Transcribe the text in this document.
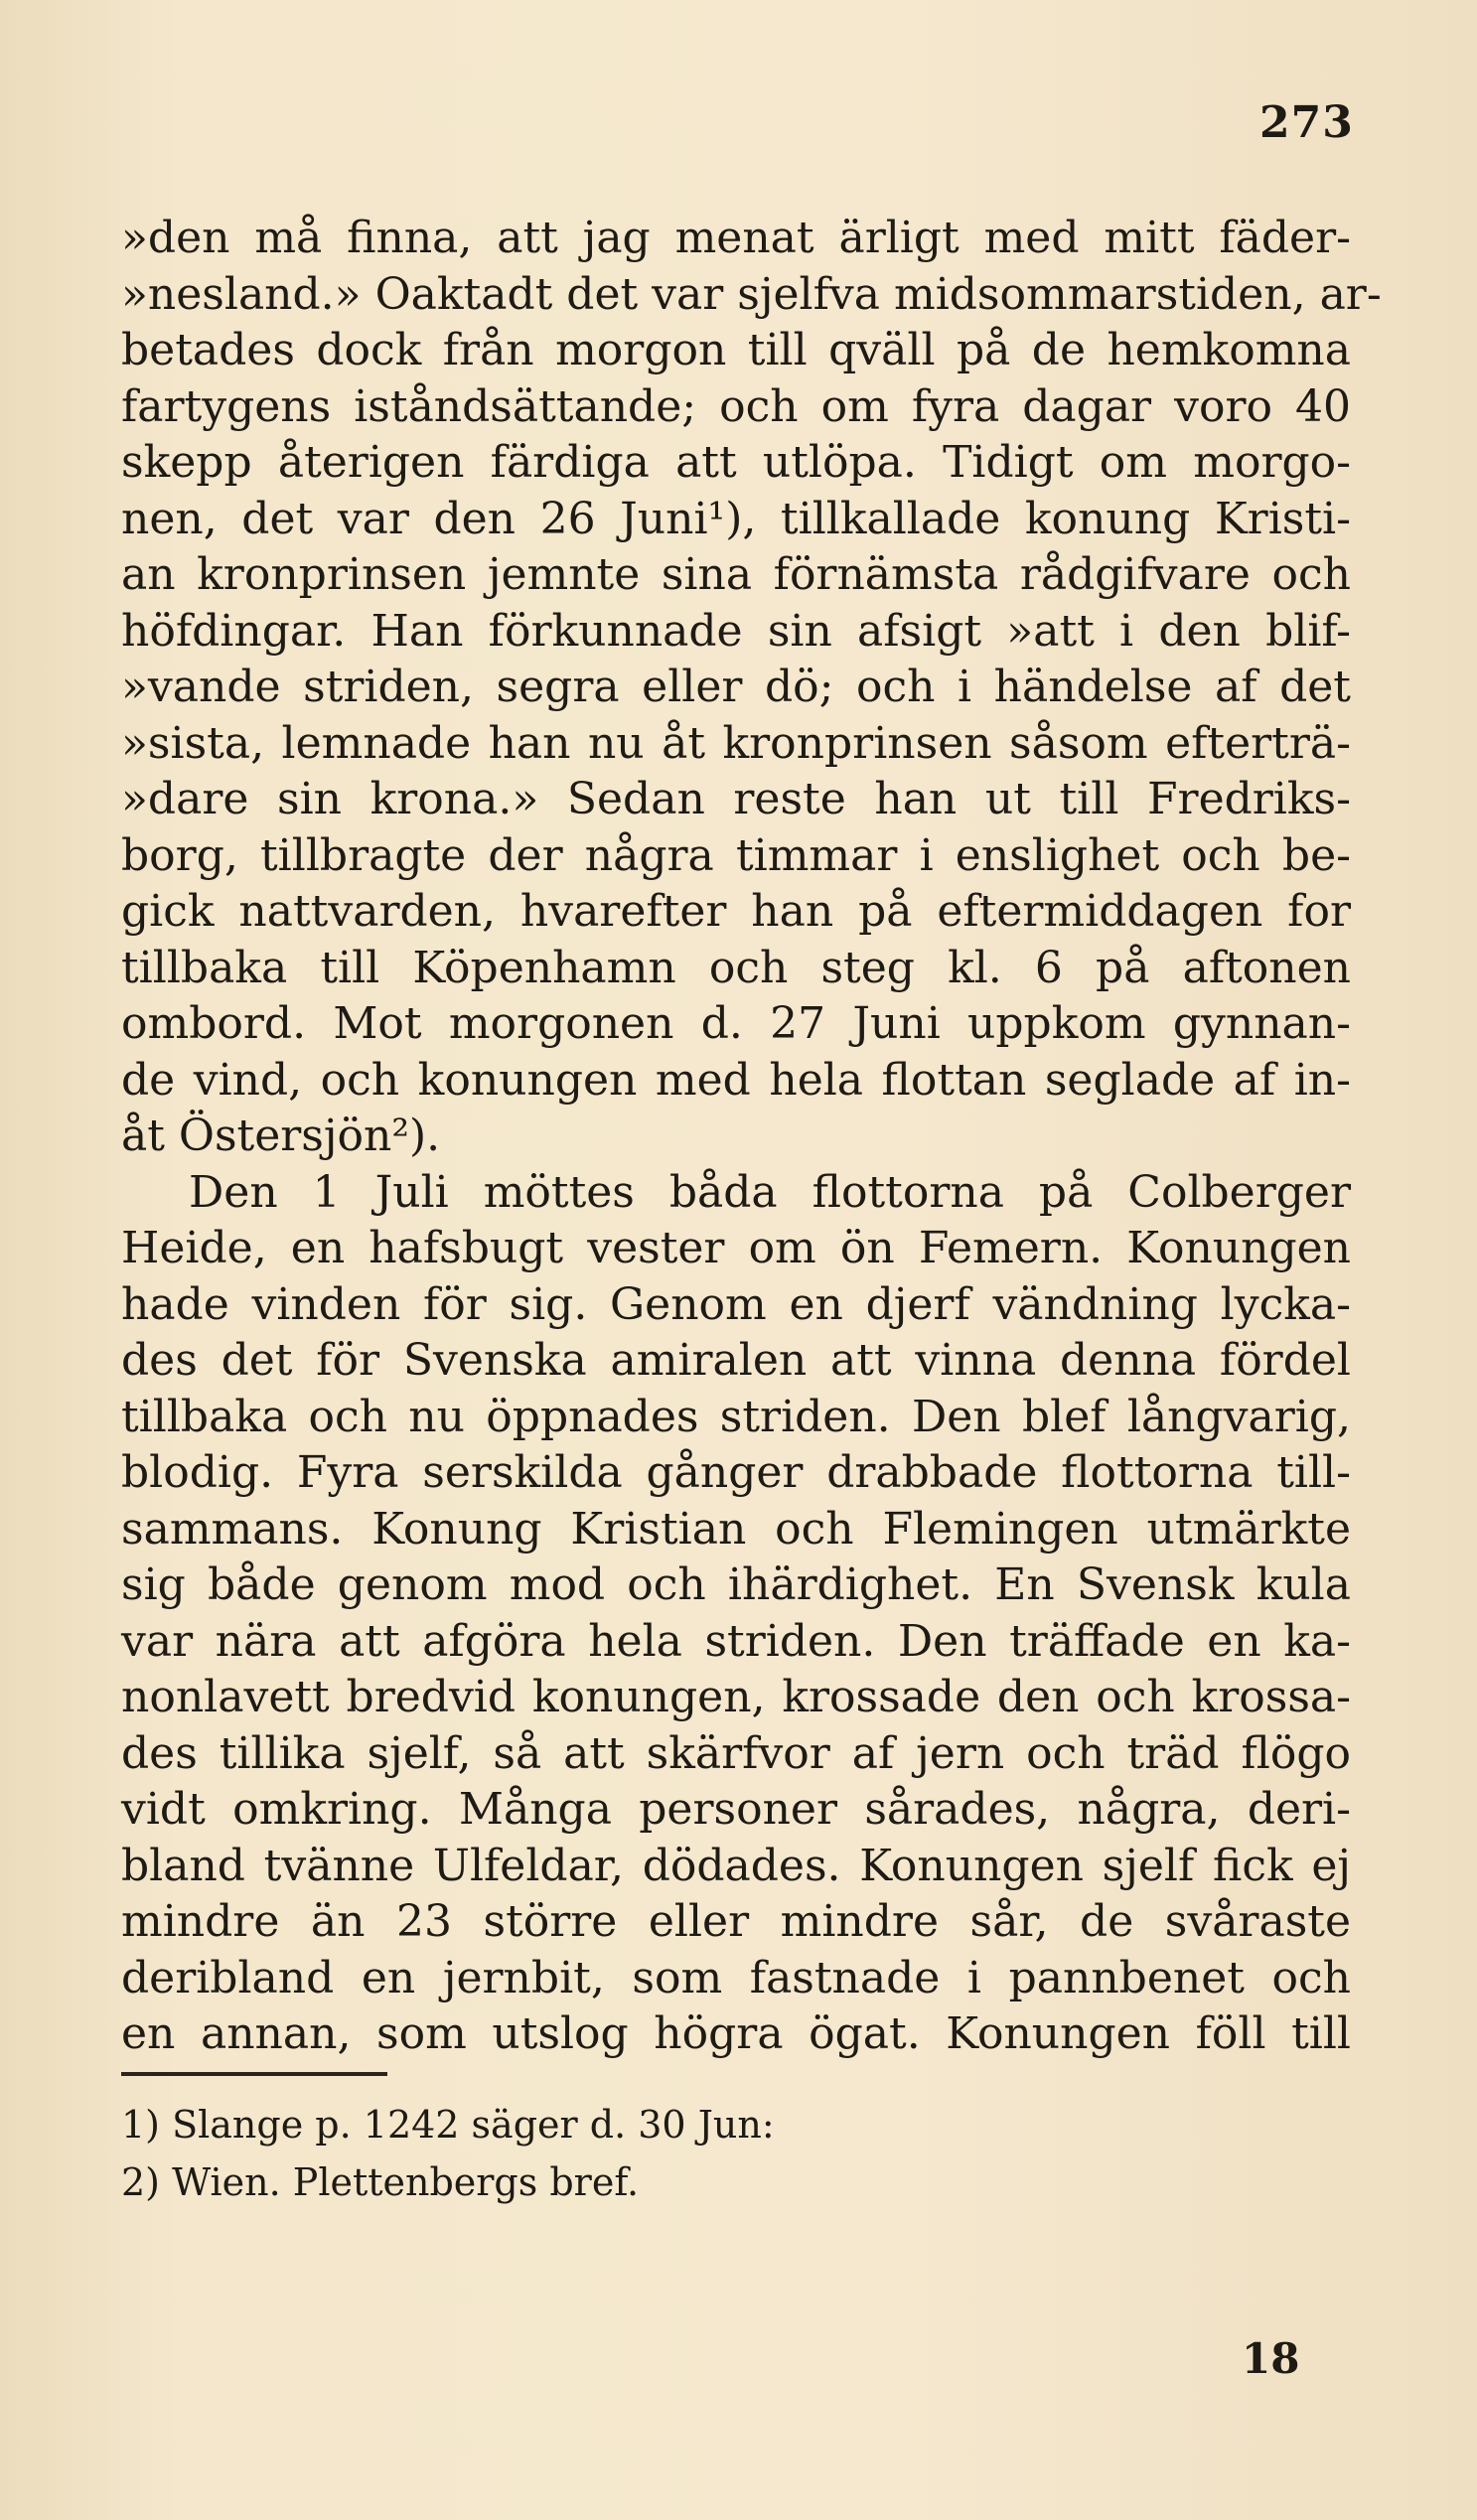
273
»den må finna, att jag menat ärligt med mitt fäder-
»nesland.» Oaktadt det var sjelfva midsommarstiden, ar-
betades dock från morgon till qväll på de hemkomna
fartygens iståndsättande; och om fyra dagar voro 40
skepp återigen färdiga att utlöpa. Tidigt om morgo-
nen, det var den 26 Juni¹), tillkallade konung Kristi-
an kronprinsen jemnte sina förnämsta rådgifvare och
höfdingar. Han förkunnade sin afsigt »att i den blif-
»vande striden, segra eller dö; och i händelse af det
»sista, lemnade han nu åt kronprinsen såsom efterträ-
»dare sin krona.» Sedan reste han ut till Fredriks-
borg, tillbragte der några timmar i enslighet och be-
gick nattvarden, hvarefter han på eftermiddagen for
tillbaka till Köpenhamn och steg kl. 6 på aftonen
ombord. Mot morgonen d. 27 Juni uppkom gynnan-
de vind, och konungen med hela flottan seglade af in-
åt Östersjön²).
Den 1 Juli möttes båda flottorna på Colberger
Heide, en hafsbugt vester om ön Femern. Konungen
hade vinden för sig. Genom en djerf vändning lycka-
des det för Svenska amiralen att vinna denna fördel
tillbaka och nu öppnades striden. Den blef långvarig,
blodig. Fyra serskilda gånger drabbade flottorna till-
sammans. Konung Kristian och Flemingen utmärkte
sig både genom mod och ihärdighet. En Svensk kula
var nära att afgöra hela striden. Den träffade en ka-
nonlavett bredvid konungen, krossade den och krossa-
des tillika sjelf, så att skärfvor af jern och träd flögo
vidt omkring. Många personer sårades, några, deri-
bland tvänne Ulfeldar, dödades. Konungen sjelf fick ej
mindre än 23 större eller mindre sår, de svåraste
deribland en jernbit, som fastnade i pannbenet och
en annan, som utslog högra ögat. Konungen föll till
1) Slange p. 1242 säger d. 30 Jun:
2) Wien. Plettenbergs bref.
18
